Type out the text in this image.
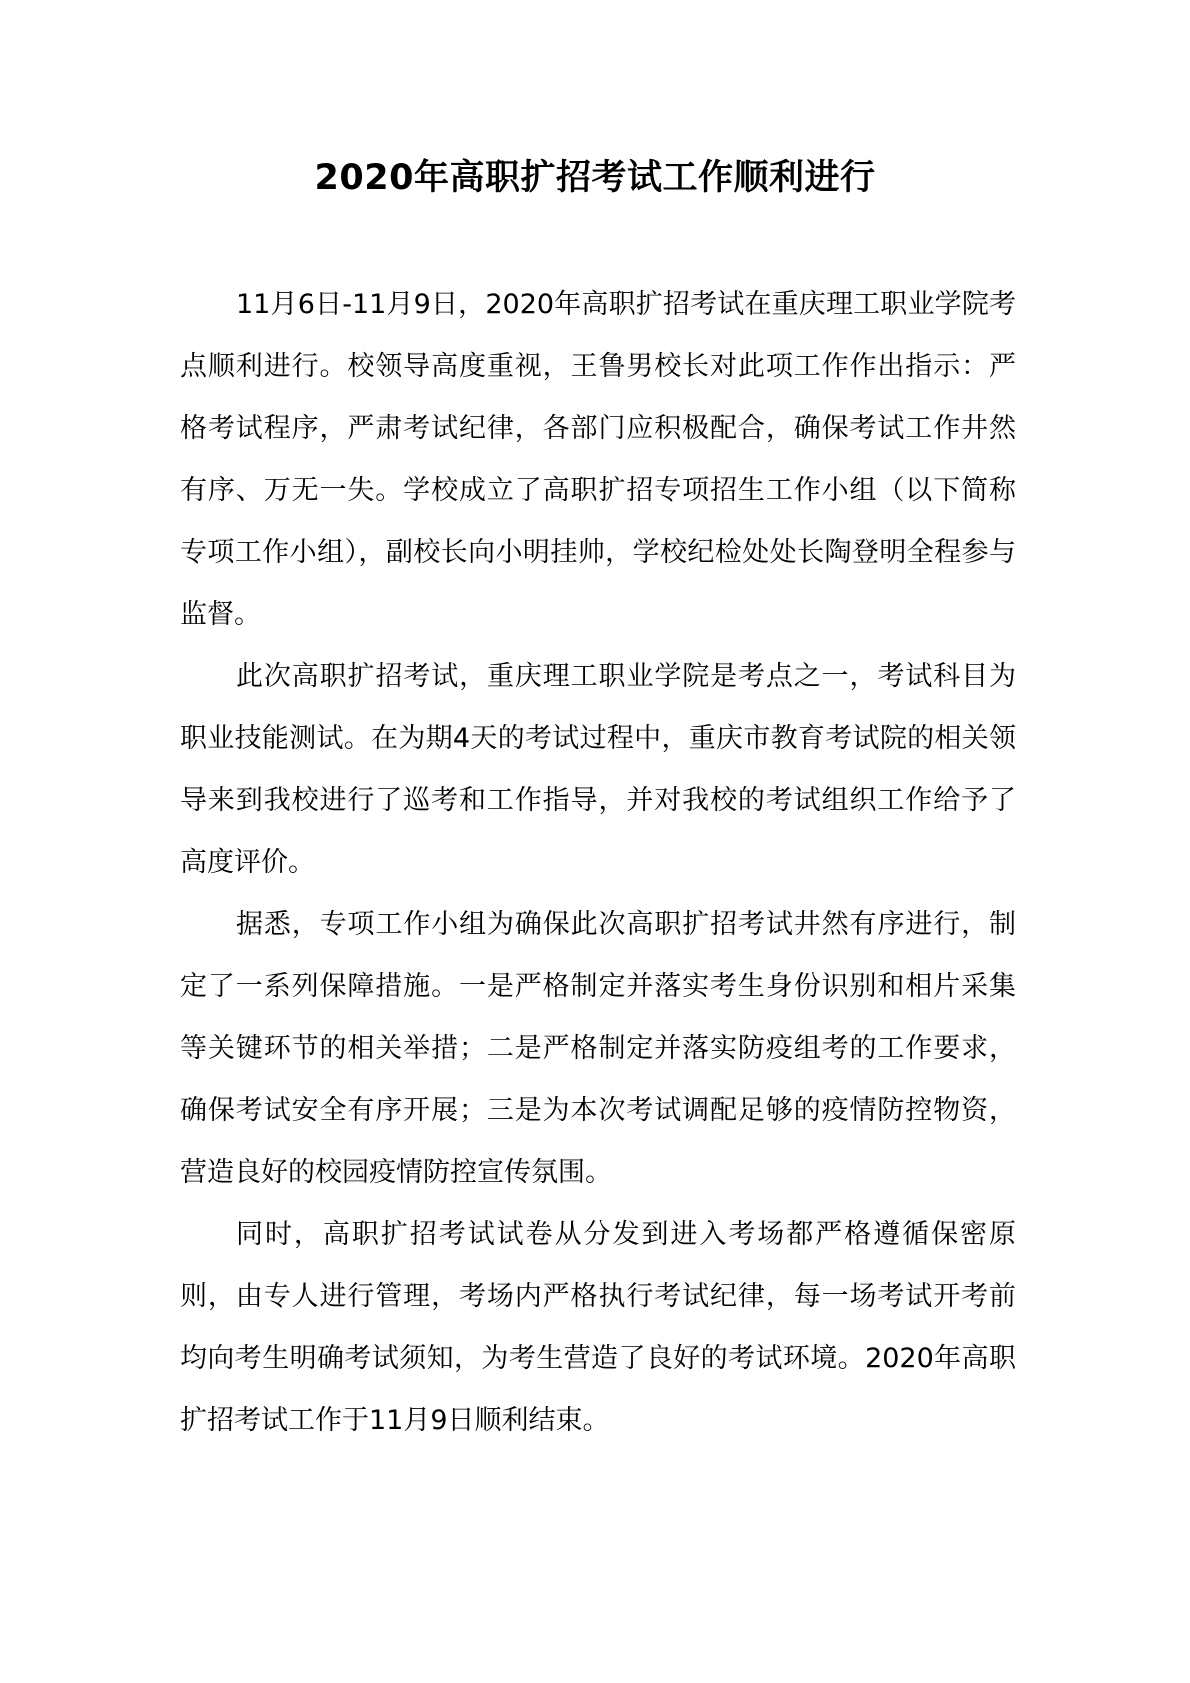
2020年高职扩招考试工作顺利进行

11月6日-11月9日，2020年高职扩招考试在重庆理工职业学院考点顺利进行。校领导高度重视，王鲁男校长对此项工作作出指示：严格考试程序，严肃考试纪律，各部门应积极配合，确保考试工作井然有序、万无一失。学校成立了高职扩招专项招生工作小组（以下简称专项工作小组），副校长向小明挂帅，学校纪检处处长陶登明全程参与监督。

此次高职扩招考试，重庆理工职业学院是考点之一，考试科目为职业技能测试。在为期4天的考试过程中，重庆市教育考试院的相关领导来到我校进行了巡考和工作指导，并对我校的考试组织工作给予了高度评价。

据悉，专项工作小组为确保此次高职扩招考试井然有序进行，制定了一系列保障措施。一是严格制定并落实考生身份识别和相片采集等关键环节的相关举措；二是严格制定并落实防疫组考的工作要求，确保考试安全有序开展；三是为本次考试调配足够的疫情防控物资，营造良好的校园疫情防控宣传氛围。

同时，高职扩招考试试卷从分发到进入考场都严格遵循保密原则，由专人进行管理，考场内严格执行考试纪律，每一场考试开考前均向考生明确考试须知，为考生营造了良好的考试环境。2020年高职扩招考试工作于11月9日顺利结束。
